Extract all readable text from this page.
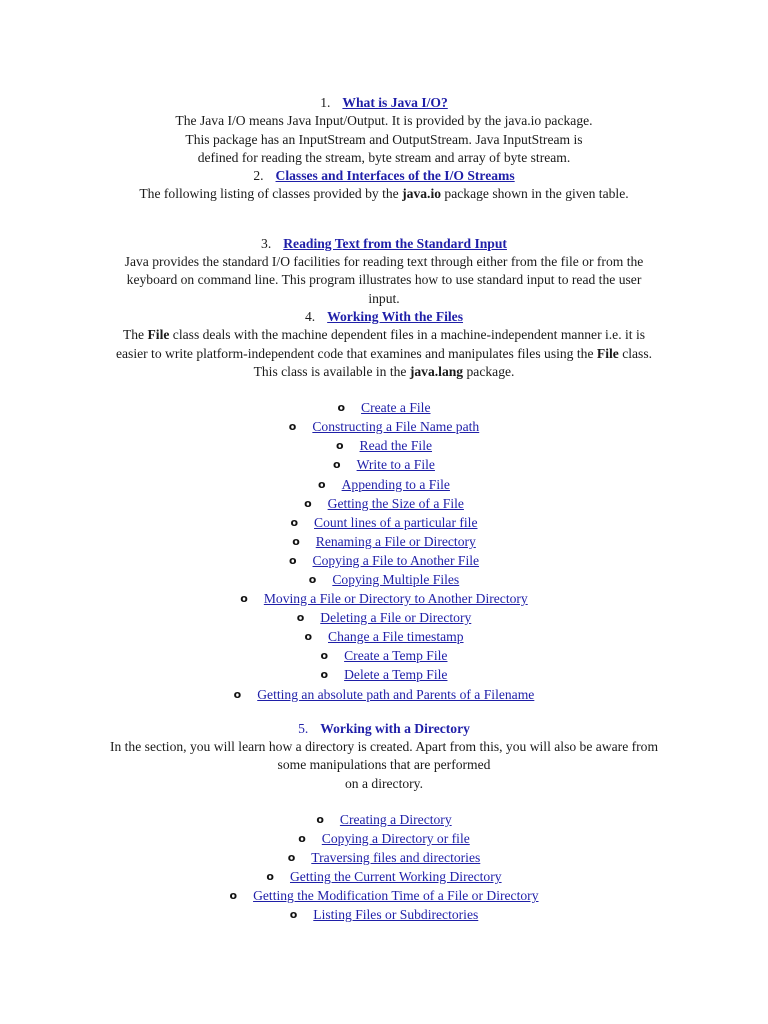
1. What is Java I/O?

The Java I/O means Java Input/Output. It is provided by the java.io package. This package has an InputStream and OutputStream. Java InputStream is defined for reading the stream, byte stream and array of byte stream.

2. Classes and Interfaces of the I/O Streams

The following listing of classes provided by the java.io package shown in the given table.

3. Reading Text from the Standard Input

Java provides the standard I/O facilities for reading text through either from the file or from the keyboard on command line. This program illustrates how to use standard input to read the user input.

4. Working With the Files

The File class deals with the machine dependent files in a machine-independent manner i.e. it is easier to write platform-independent code that examines and manipulates files using the File class. This class is available in the java.lang package.

o Create a File
o Constructing a File Name path
o Read the File
o Write to a File
o Appending to a File
o Getting the Size of a File
o Count lines of a particular file
o Renaming a File or Directory
o Copying a File to Another File
o Copying Multiple Files
o Moving a File or Directory to Another Directory
o Deleting a File or Directory
o Change a File timestamp
o Create a Temp File
o Delete a Temp File
o Getting an absolute path and Parents of a Filename

5. Working with a Directory

In the section, you will learn how a directory is created. Apart from this, you will also be aware from some manipulations that are performed
on a directory.

o Creating a Directory
o Copying a Directory or file
o Traversing files and directories
o Getting the Current Working Directory
o Getting the Modification Time of a File or Directory
o Listing Files or Subdirectories
